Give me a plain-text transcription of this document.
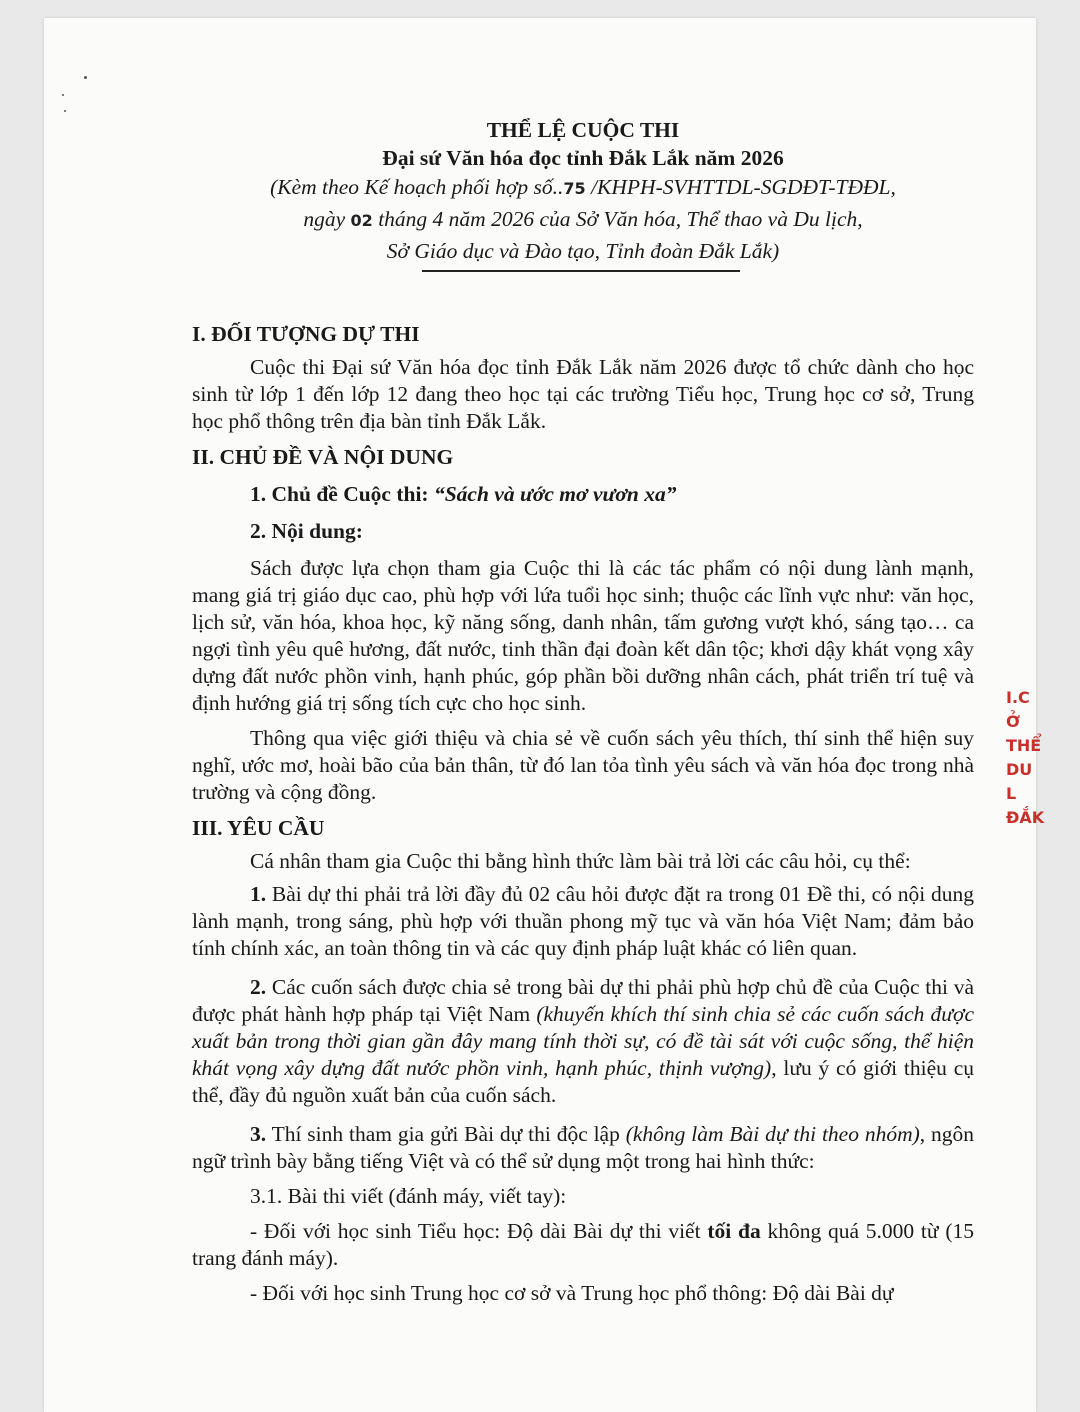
THỂ LỆ CUỘC THI

Đại sứ Văn hóa đọc tỉnh Đắk Lắk năm 2026

(Kèm theo Kế hoạch phối hợp số..75 /KHPH-SVHTTDL-SGDĐT-TĐĐL,

ngày 02 tháng 4 năm 2026 của Sở Văn hóa, Thể thao và Du lịch,

Sở Giáo dục và Đào tạo, Tỉnh đoàn Đắk Lắk)

I. ĐỐI TƯỢNG DỰ THI

Cuộc thi Đại sứ Văn hóa đọc tỉnh Đắk Lắk năm 2026 được tổ chức dành cho học sinh từ lớp 1 đến lớp 12 đang theo học tại các trường Tiểu học, Trung học cơ sở, Trung học phổ thông trên địa bàn tỉnh Đắk Lắk.

II. CHỦ ĐỀ VÀ NỘI DUNG

1. Chủ đề Cuộc thi: “Sách và ước mơ vươn xa”

2. Nội dung:

Sách được lựa chọn tham gia Cuộc thi là các tác phẩm có nội dung lành mạnh, mang giá trị giáo dục cao, phù hợp với lứa tuổi học sinh; thuộc các lĩnh vực như: văn học, lịch sử, văn hóa, khoa học, kỹ năng sống, danh nhân, tấm gương vượt khó, sáng tạo… ca ngợi tình yêu quê hương, đất nước, tinh thần đại đoàn kết dân tộc; khơi dậy khát vọng xây dựng đất nước phồn vinh, hạnh phúc, góp phần bồi dưỡng nhân cách, phát triển trí tuệ và định hướng giá trị sống tích cực cho học sinh.

Thông qua việc giới thiệu và chia sẻ về cuốn sách yêu thích, thí sinh thể hiện suy nghĩ, ước mơ, hoài bão của bản thân, từ đó lan tỏa tình yêu sách và văn hóa đọc trong nhà trường và cộng đồng.

III. YÊU CẦU

Cá nhân tham gia Cuộc thi bằng hình thức làm bài trả lời các câu hỏi, cụ thể:

1. Bài dự thi phải trả lời đầy đủ 02 câu hỏi được đặt ra trong 01 Đề thi, có nội dung lành mạnh, trong sáng, phù hợp với thuần phong mỹ tục và văn hóa Việt Nam; đảm bảo tính chính xác, an toàn thông tin và các quy định pháp luật khác có liên quan.

2. Các cuốn sách được chia sẻ trong bài dự thi phải phù hợp chủ đề của Cuộc thi và được phát hành hợp pháp tại Việt Nam (khuyến khích thí sinh chia sẻ các cuốn sách được xuất bản trong thời gian gần đây mang tính thời sự, có đề tài sát với cuộc sống, thể hiện khát vọng xây dựng đất nước phồn vinh, hạnh phúc, thịnh vượng), lưu ý có giới thiệu cụ thể, đầy đủ nguồn xuất bản của cuốn sách.

3. Thí sinh tham gia gửi Bài dự thi độc lập (không làm Bài dự thi theo nhóm), ngôn ngữ trình bày bằng tiếng Việt và có thể sử dụng một trong hai hình thức:

3.1. Bài thi viết (đánh máy, viết tay):

- Đối với học sinh Tiểu học: Độ dài Bài dự thi viết tối đa không quá 5.000 từ (15 trang đánh máy).

- Đối với học sinh Trung học cơ sở và Trung học phổ thông: Độ dài Bài dự

I.C
Ở
THỂ
DU L
ĐẮK
